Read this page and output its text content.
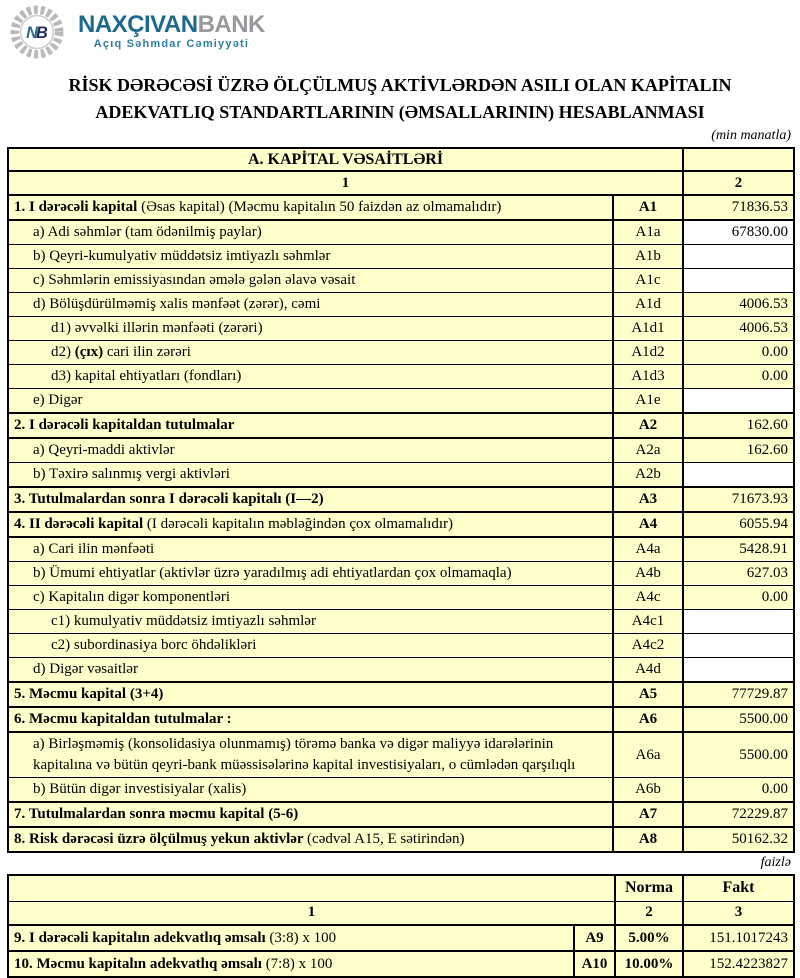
NB NAXÇIVANBANK
Açıq Səhmdar Cəmiyyəti
RİSK DƏRƏCƏSİ ÜZRƏ ÖLÇÜLMUŞ AKTİVLƏRDƏN ASILI OLAN KAPİTALIN
ADEKVATLIQ STANDARTLARININ (ƏMSALLARININ) HESABLANMASI
(min manatla)
A. KAPİTAL VƏSAİTLƏRİ		
1		2
1. I dərəcəli kapital (Əsas kapital) (Məcmu kapitalın 50 faizdən az olmamalıdır)	A1	71836.53
a) Adi səhmlər (tam ödənilmiş paylar)	A1a	67830.00
b) Qeyri-kumulyativ müddətsiz imtiyazlı səhmlər	A1b	
c) Səhmlərin emissiyasından əmələ gələn əlavə vəsait	A1c	
d) Bölüşdürülməmiş xalis mənfəət (zərər), cəmi	A1d	4006.53
d1) əvvəlki illərin mənfəəti (zərəri)	A1d1	4006.53
d2) (çıx) cari ilin zərəri	A1d2	0.00
d3) kapital ehtiyatları (fondları)	A1d3	0.00
e) Digər	A1e	
2. I dərəcəli kapitaldan tutulmalar	A2	162.60
a) Qeyri-maddi aktivlər	A2a	162.60
b) Təxirə salınmış vergi aktivləri	A2b	
3. Tutulmalardan sonra I dərəcəli kapitalı (I—2)	A3	71673.93
4. II dərəcəli kapital (I dərəcəli kapitalın məbləğindən çox olmamalıdır)	A4	6055.94
a) Cari ilin mənfəəti	A4a	5428.91
b) Ümumi ehtiyatlar (aktivlər üzrə yaradılmış adi ehtiyatlardan çox olmamaqla)	A4b	627.03
c) Kapitalın digər komponentləri	A4c	0.00
c1) kumulyativ müddətsiz imtiyazlı səhmlər	A4c1	
c2) subordinasiya borc öhdəlikləri	A4c2	
d) Digər vəsaitlər	A4d	
5. Məcmu kapital (3+4)	A5	77729.87
6. Məcmu kapitaldan tutulmalar :	A6	5500.00
a) Birləşməmiş (konsolidasiya olunmamış) törəmə banka və digər maliyyə idarələrinin kapitalına və bütün qeyri-bank müəssisələrinə kapital investisiyaları, o cümlədən qarşılıqlı	A6a	5500.00
b) Bütün digər investisiyalar (xalis)	A6b	0.00
7. Tutulmalardan sonra məcmu kapital (5-6)	A7	72229.87
8. Risk dərəcəsi üzrə ölçülmuş yekun aktivlər (cədvəl A15, E sətirindən)	A8	50162.32
faizlə
		Norma	Fakt
1		2	3
9. I dərəcəli kapitalın adekvatlıq əmsalı (3:8) x 100	A9	5.00%	151.1017243
10. Məcmu kapitalın adekvatlıq əmsalı (7:8) x 100	A10	10.00%	152.4223827
